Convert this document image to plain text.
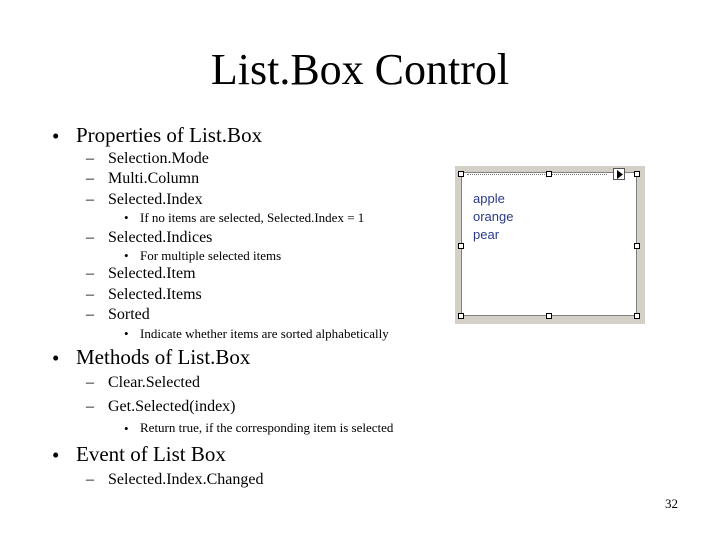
List.Box Control
• Properties of List.Box
– Selection.Mode
– Multi.Column
– Selected.Index
• If no items are selected, Selected.Index = 1
– Selected.Indices
• For multiple selected items
– Selected.Item
– Selected.Items
– Sorted
• Indicate whether items are sorted alphabetically
• Methods of List.Box
– Clear.Selected
– Get.Selected(index)
• Return true, if the corresponding item is selected
• Event of List Box
– Selected.Index.Changed
apple
orange
pear
32
